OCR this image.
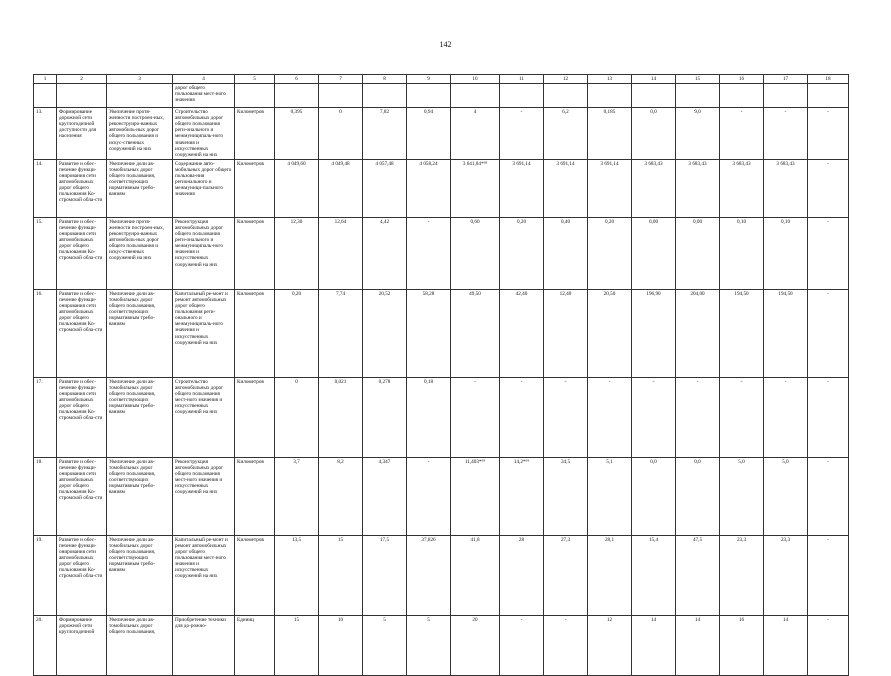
142
1	2	3	4	5	6	7	8	9	10	11	12	13	14	15	16	17	18
			дорог общего пользования мест-ного значения														
13.	Формирование дорожной сети круглогодичной доступности для населения	Увеличение протя-женности построен-ных, реконструиро-ванных автомобиль-ных дорог общего пользования и искус-ственных сооружений на них	Строительство автомобильных дорог общего пользования реги-онального и межмуниципаль-ного значения и искусственных сооружений на них	Километров	0,395	0	7,82	0,94	4	-	6,2	0,185	0,0	9,0	-	-	-
14.	Развитие и обес-печение функци-онирования сети автомобильных дорог общего пользования Ко-стромской обла-сти	Увеличение доли ав-томобильных дорог общего пользования, соответствующих нормативным требо-ваниям	Содержание авто-мобильных дорог общего пользова-ния регионального и межмуници-пального значения	Километров	4 049,60	4 049,48	4 057,48	4 058,24	3 641,04*⁶⁸	3 691,14	3 691,14	3 691,14	3 683,43	3 683,43	3 683,43	3 683,43	-
15.	Развитие и обес-печение функци-онирования сети автомобильных дорог общего пользования Ко-стромской обла-сти	Увеличение протя-женности построен-ных, реконструиро-ванных автомобиль-ных дорог общего пользования и искус-ственных сооружений на них	Реконструкция автомобильных дорог общего пользования реги-онального и межмуниципаль-ного значения и искусственных сооружений на них	Километров	12,30	12,64	4,42	-	0,60	0,20	0,40	0,20	0,00	0,00	0,10	0,10	-
16.	Развитие и обес-печение функци-онирования сети автомобильных дорог общего пользования Ко-стромской обла-сти	Увеличение доли ав-томобильных дорог общего пользования, соответствующих нормативным требо-ваниям	Капитальный ре-монт и ремонт автомобильных дорог общего пользования реги-онального и межмуниципаль-ного значения и искусственных сооружений на них	Километров	0,20	7,74	20,52	58,28	49,50	42,40	12,40	20,50	196,90	204,00	194,50	194,50	-
17.	Развитие и обес-печение функци-онирования сети автомобильных дорог общего пользования Ко-стромской обла-сти	Увеличение доли ав-томобильных дорог общего пользования, соответствующих нормативным требо-ваниям	Строительство автомобильных дорог общего пользования мест-ного значения и искусственных сооружений на них	Километров	0	0,021	0,278	0,18	-	-	-	-	-	-	-	-	-
18.	Развитие и обес-печение функци-онирования сети автомобильных дорог общего пользования Ко-стромской обла-сти	Увеличение доли ав-томобильных дорог общего пользования, соответствующих нормативным требо-ваниям	Реконструкция автомобильных дорог общего пользования мест-ного значения и искусственных сооружений на них	Километров	3,7	8,2	4,347	-	11,403*⁶⁹	14,2*⁶⁹	34,5	5,1	0,0	0,0	5,0	5,0	-
19.	Развитие и обес-печение функци-онирования сети автомобильных дорог общего пользования Ко-стромской обла-сти	Увеличение доли ав-томобильных дорог общего пользования, соответствующих нормативным требо-ваниям	Капитальный ре-монт и ремонт автомобильных дорог общего пользования мест-ного значения и искусственных сооружений на них	Километров	13,5	15	17,5	37,826	41,8	28	27,3	28,1	15,4	47,5	23,3	23,3	-
20.	Формирование дорожной сети круглогодичной	Увеличение доли ав-томобильных дорог общего пользования,	Приобретение техники для до-рожно-	Единиц	15	10	5	5	20	-	-	12	14	14	16	14	-
